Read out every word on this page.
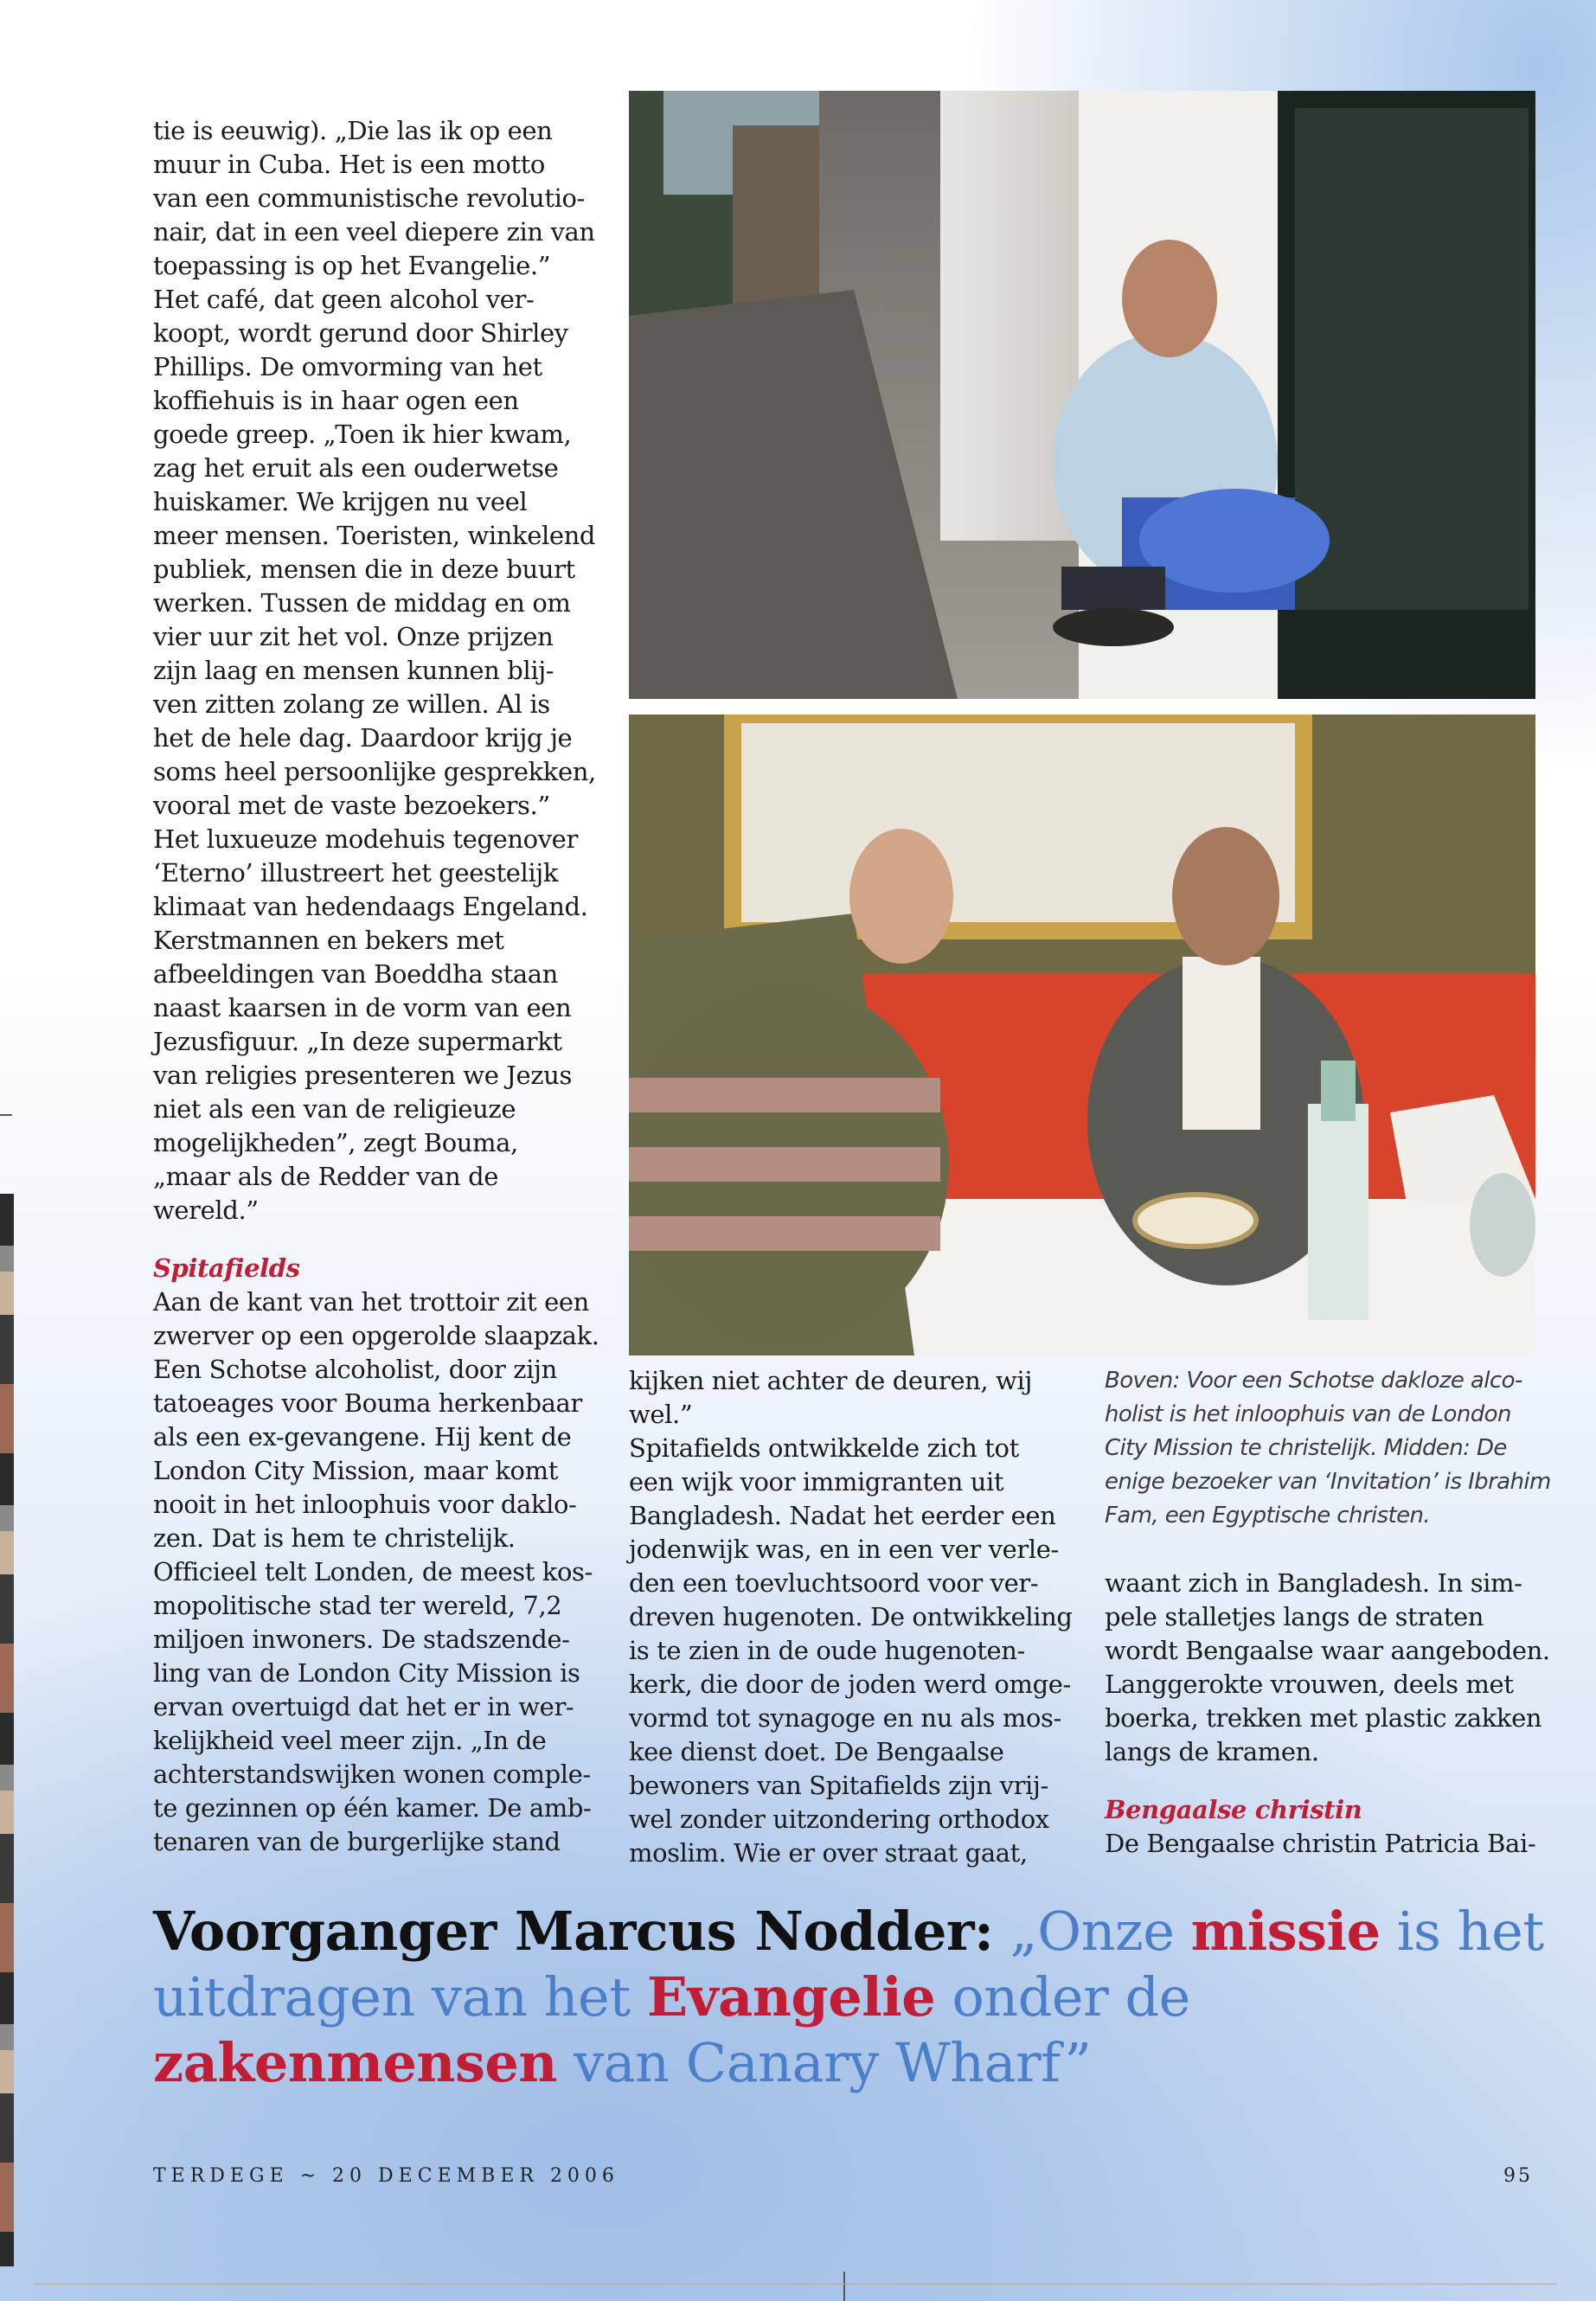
tie is eeuwig). „Die las ik op een
muur in Cuba. Het is een motto
van een communistische revolutio-
nair, dat in een veel diepere zin van
toepassing is op het Evangelie.”
Het café, dat geen alcohol ver-
koopt, wordt gerund door Shirley
Phillips. De omvorming van het
koffiehuis is in haar ogen een
goede greep. „Toen ik hier kwam,
zag het eruit als een ouderwetse
huiskamer. We krijgen nu veel
meer mensen. Toeristen, winkelend
publiek, mensen die in deze buurt
werken. Tussen de middag en om
vier uur zit het vol. Onze prijzen
zijn laag en mensen kunnen blij-
ven zitten zolang ze willen. Al is
het de hele dag. Daardoor krijg je
soms heel persoonlijke gesprekken,
vooral met de vaste bezoekers.”
Het luxueuze modehuis tegenover
‘Eterno’ illustreert het geestelijk
klimaat van hedendaags Engeland.
Kerstmannen en bekers met
afbeeldingen van Boeddha staan
naast kaarsen in de vorm van een
Jezusfiguur. „In deze supermarkt
van religies presenteren we Jezus
niet als een van de religieuze
mogelijkheden”, zegt Bouma,
„maar als de Redder van de
wereld.”
Spitafields
Aan de kant van het trottoir zit een
zwerver op een opgerolde slaapzak.
Een Schotse alcoholist, door zijn
tatoeages voor Bouma herkenbaar
als een ex-gevangene. Hij kent de
London City Mission, maar komt
nooit in het inloophuis voor daklo-
zen. Dat is hem te christelijk.
Officieel telt Londen, de meest kos-
mopolitische stad ter wereld, 7,2
miljoen inwoners. De stadszende-
ling van de London City Mission is
ervan overtuigd dat het er in wer-
kelijkheid veel meer zijn. „In de
achterstandswijken wonen comple-
te gezinnen op één kamer. De amb-
tenaren van de burgerlijke stand
kijken niet achter de deuren, wij
wel.”
Spitafields ontwikkelde zich tot
een wijk voor immigranten uit
Bangladesh. Nadat het eerder een
jodenwijk was, en in een ver verle-
den een toevluchtsoord voor ver-
dreven hugenoten. De ontwikkeling
is te zien in de oude hugenoten-
kerk, die door de joden werd omge-
vormd tot synagoge en nu als mos-
kee dienst doet. De Bengaalse
bewoners van Spitafields zijn vrij-
wel zonder uitzondering orthodox
moslim. Wie er over straat gaat,
Boven: Voor een Schotse dakloze alco-
holist is het inloophuis van de London
City Mission te christelijk. Midden: De
enige bezoeker van ‘Invitation’ is Ibrahim
Fam, een Egyptische christen.
waant zich in Bangladesh. In sim-
pele stalletjes langs de straten
wordt Bengaalse waar aangeboden.
Langgerokte vrouwen, deels met
boerka, trekken met plastic zakken
langs de kramen.
Bengaalse christin
De Bengaalse christin Patricia Bai-
Voorganger Marcus Nodder: „Onze missie is het
uitdragen van het Evangelie onder de
zakenmensen van Canary Wharf”
TERDEGE ~ 20 DECEMBER 2006	95
